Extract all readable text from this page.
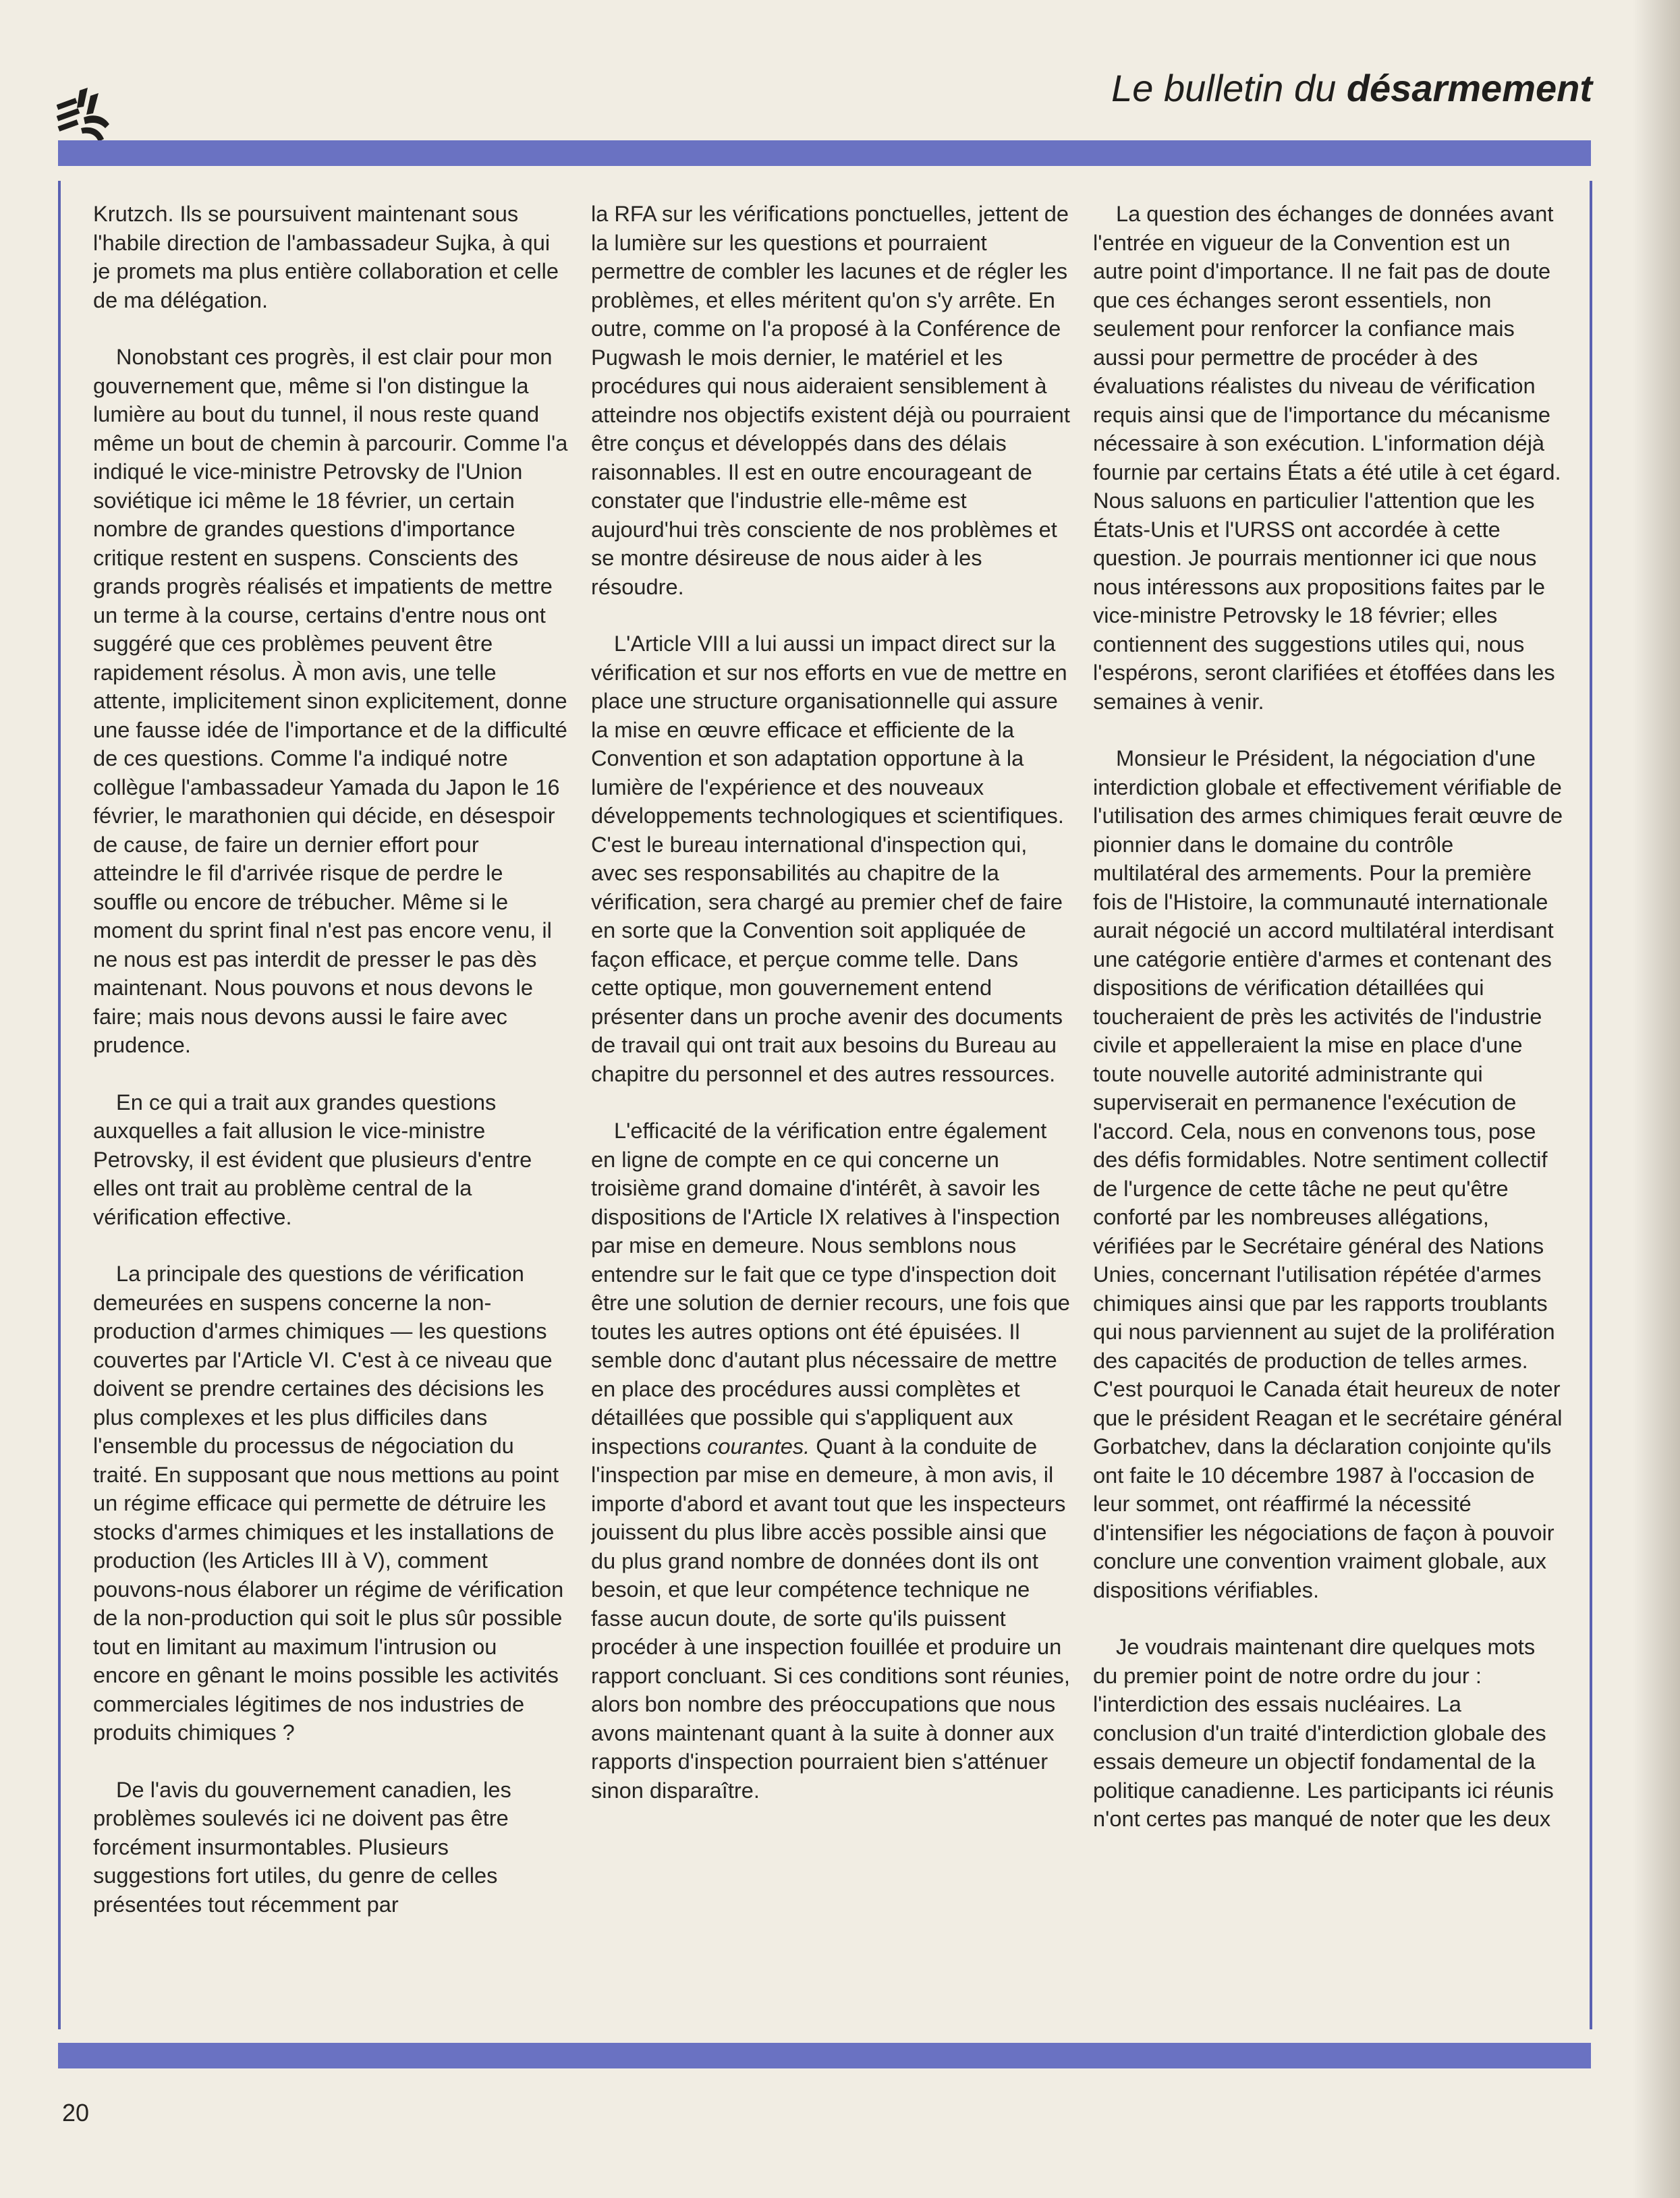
Le bulletin du désarmement

Krutzch. Ils se poursuivent maintenant sous l'habile direction de l'ambassadeur Sujka, à qui je promets ma plus entière collaboration et celle de ma délégation.

Nonobstant ces progrès, il est clair pour mon gouvernement que, même si l'on distingue la lumière au bout du tunnel, il nous reste quand même un bout de chemin à parcourir. Comme l'a indiqué le vice-ministre Petrovsky de l'Union soviétique ici même le 18 février, un certain nombre de grandes questions d'importance critique restent en suspens. Conscients des grands progrès réalisés et impatients de mettre un terme à la course, certains d'entre nous ont suggéré que ces problèmes peuvent être rapidement résolus. À mon avis, une telle attente, implicitement sinon explicitement, donne une fausse idée de l'importance et de la difficulté de ces questions. Comme l'a indiqué notre collègue l'ambassadeur Yamada du Japon le 16 février, le marathonien qui décide, en désespoir de cause, de faire un dernier effort pour atteindre le fil d'arrivée risque de perdre le souffle ou encore de trébucher. Même si le moment du sprint final n'est pas encore venu, il ne nous est pas interdit de presser le pas dès maintenant. Nous pouvons et nous devons le faire; mais nous devons aussi le faire avec prudence.

En ce qui a trait aux grandes questions auxquelles a fait allusion le vice-ministre Petrovsky, il est évident que plusieurs d'entre elles ont trait au problème central de la vérification effective.

La principale des questions de vérification demeurées en suspens concerne la non-production d'armes chimiques — les questions couvertes par l'Article VI. C'est à ce niveau que doivent se prendre certaines des décisions les plus complexes et les plus difficiles dans l'ensemble du processus de négociation du traité. En supposant que nous mettions au point un régime efficace qui permette de détruire les stocks d'armes chimiques et les installations de production (les Articles III à V), comment pouvons-nous élaborer un régime de vérification de la non-production qui soit le plus sûr possible tout en limitant au maximum l'intrusion ou encore en gênant le moins possible les activités commerciales légitimes de nos industries de produits chimiques ?

De l'avis du gouvernement canadien, les problèmes soulevés ici ne doivent pas être forcément insurmontables. Plusieurs suggestions fort utiles, du genre de celles présentées tout récemment par

la RFA sur les vérifications ponctuelles, jettent de la lumière sur les questions et pourraient permettre de combler les lacunes et de régler les problèmes, et elles méritent qu'on s'y arrête. En outre, comme on l'a proposé à la Conférence de Pugwash le mois dernier, le matériel et les procédures qui nous aideraient sensiblement à atteindre nos objectifs existent déjà ou pourraient être conçus et développés dans des délais raisonnables. Il est en outre encourageant de constater que l'industrie elle-même est aujourd'hui très consciente de nos problèmes et se montre désireuse de nous aider à les résoudre.

L'Article VIII a lui aussi un impact direct sur la vérification et sur nos efforts en vue de mettre en place une structure organisationnelle qui assure la mise en œuvre efficace et efficiente de la Convention et son adaptation opportune à la lumière de l'expérience et des nouveaux développements technologiques et scientifiques. C'est le bureau international d'inspection qui, avec ses responsabilités au chapitre de la vérification, sera chargé au premier chef de faire en sorte que la Convention soit appliquée de façon efficace, et perçue comme telle. Dans cette optique, mon gouvernement entend présenter dans un proche avenir des documents de travail qui ont trait aux besoins du Bureau au chapitre du personnel et des autres ressources.

L'efficacité de la vérification entre également en ligne de compte en ce qui concerne un troisième grand domaine d'intérêt, à savoir les dispositions de l'Article IX relatives à l'inspection par mise en demeure. Nous semblons nous entendre sur le fait que ce type d'inspection doit être une solution de dernier recours, une fois que toutes les autres options ont été épuisées. Il semble donc d'autant plus nécessaire de mettre en place des procédures aussi complètes et détaillées que possible qui s'appliquent aux inspections courantes. Quant à la conduite de l'inspection par mise en demeure, à mon avis, il importe d'abord et avant tout que les inspecteurs jouissent du plus libre accès possible ainsi que du plus grand nombre de données dont ils ont besoin, et que leur compétence technique ne fasse aucun doute, de sorte qu'ils puissent procéder à une inspection fouillée et produire un rapport concluant. Si ces conditions sont réunies, alors bon nombre des préoccupations que nous avons maintenant quant à la suite à donner aux rapports d'inspection pourraient bien s'atténuer sinon disparaître.

La question des échanges de données avant l'entrée en vigueur de la Convention est un autre point d'importance. Il ne fait pas de doute que ces échanges seront essentiels, non seulement pour renforcer la confiance mais aussi pour permettre de procéder à des évaluations réalistes du niveau de vérification requis ainsi que de l'importance du mécanisme nécessaire à son exécution. L'information déjà fournie par certains États a été utile à cet égard. Nous saluons en particulier l'attention que les États-Unis et l'URSS ont accordée à cette question. Je pourrais mentionner ici que nous nous intéressons aux propositions faites par le vice-ministre Petrovsky le 18 février; elles contiennent des suggestions utiles qui, nous l'espérons, seront clarifiées et étoffées dans les semaines à venir.

Monsieur le Président, la négociation d'une interdiction globale et effectivement vérifiable de l'utilisation des armes chimiques ferait œuvre de pionnier dans le domaine du contrôle multilatéral des armements. Pour la première fois de l'Histoire, la communauté internationale aurait négocié un accord multilatéral interdisant une catégorie entière d'armes et contenant des dispositions de vérification détaillées qui toucheraient de près les activités de l'industrie civile et appelleraient la mise en place d'une toute nouvelle autorité administrante qui superviserait en permanence l'exécution de l'accord. Cela, nous en convenons tous, pose des défis formidables. Notre sentiment collectif de l'urgence de cette tâche ne peut qu'être conforté par les nombreuses allégations, vérifiées par le Secrétaire général des Nations Unies, concernant l'utilisation répétée d'armes chimiques ainsi que par les rapports troublants qui nous parviennent au sujet de la prolifération des capacités de production de telles armes. C'est pourquoi le Canada était heureux de noter que le président Reagan et le secrétaire général Gorbatchev, dans la déclaration conjointe qu'ils ont faite le 10 décembre 1987 à l'occasion de leur sommet, ont réaffirmé la nécessité d'intensifier les négociations de façon à pouvoir conclure une convention vraiment globale, aux dispositions vérifiables.

Je voudrais maintenant dire quelques mots du premier point de notre ordre du jour : l'interdiction des essais nucléaires. La conclusion d'un traité d'interdiction globale des essais demeure un objectif fondamental de la politique canadienne. Les participants ici réunis n'ont certes pas manqué de noter que les deux

20
